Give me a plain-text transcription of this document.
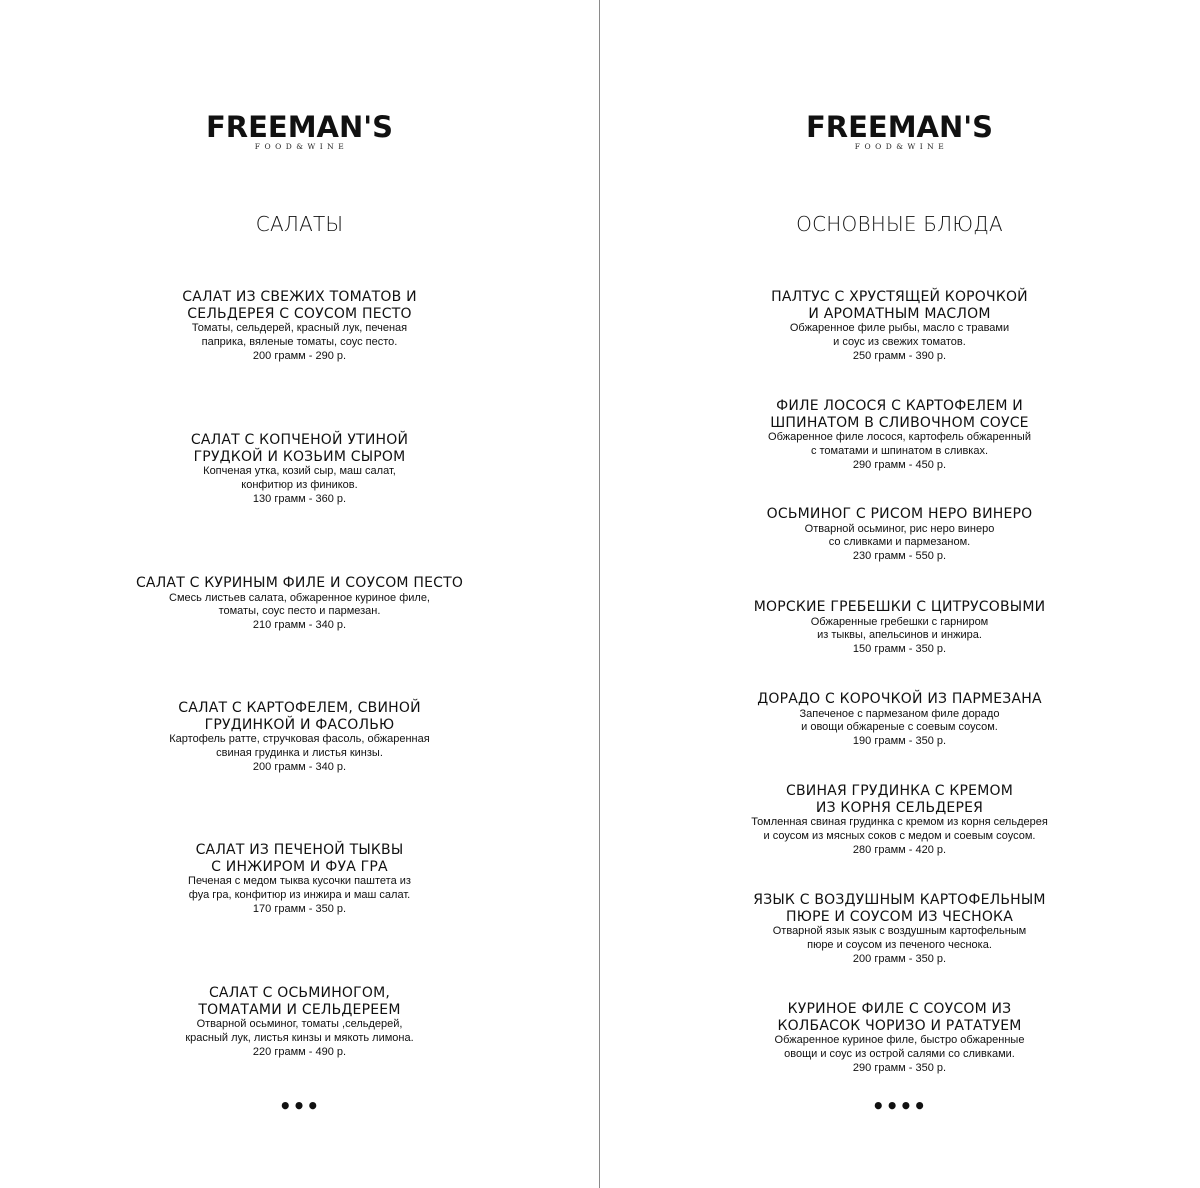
FREEMAN'S
FOOD&WINE
САЛАТЫ
САЛАТ ИЗ СВЕЖИХ ТОМАТОВ И
СЕЛЬДЕРЕЯ С СОУСОМ ПЕСТО
Томаты, сельдерей, красный лук, печеная
паприка, вяленые томаты, соус песто.
200 грамм - 290 р.
САЛАТ С КОПЧЕНОЙ УТИНОЙ
ГРУДКОЙ И КОЗЬИМ СЫРОМ
Копченая утка, козий сыр, маш салат,
конфитюр из фиников.
130 грамм - 360 р.
САЛАТ С КУРИНЫМ ФИЛЕ И СОУСОМ ПЕСТО
Смесь листьев салата, обжаренное куриное филе,
томаты, соус песто и пармезан.
210 грамм - 340 р.
САЛАТ С КАРТОФЕЛЕМ, СВИНОЙ
ГРУДИНКОЙ И ФАСОЛЬЮ
Картофель ратте, стручковая фасоль, обжаренная
свиная грудинка и листья кинзы.
200 грамм - 340 р.
САЛАТ ИЗ ПЕЧЕНОЙ ТЫКВЫ
С ИНЖИРОМ И ФУА ГРА
Печеная с медом тыква кусочки паштета из
фуа гра, конфитюр из инжира и маш салат.
170 грамм - 350 р.
САЛАТ С ОСЬМИНОГОМ,
ТОМАТАМИ И СЕЛЬДЕРЕЕМ
Отварной осьминог, томаты ,сельдерей,
красный лук, листья кинзы и мякоть лимона.
220 грамм - 490 р.
•••
FREEMAN'S
FOOD&WINE
ОСНОВНЫЕ БЛЮДА
ПАЛТУС С ХРУСТЯЩЕЙ КОРОЧКОЙ
И АРОМАТНЫМ МАСЛОМ
Обжаренное филе рыбы, масло с травами
и соус из свежих томатов.
250 грамм - 390 р.
ФИЛЕ ЛОСОСЯ С КАРТОФЕЛЕМ И
ШПИНАТОМ В СЛИВОЧНОМ СОУСЕ
Обжаренное филе лосося, картофель обжаренный
с томатами и шпинатом в сливках.
290 грамм - 450 р.
ОСЬМИНОГ С РИСОМ НЕРО ВИНЕРО
Отварной осьминог, рис неро винеро
со сливками и пармезаном.
230 грамм - 550 р.
МОРСКИЕ ГРЕБЕШКИ С ЦИТРУСОВЫМИ
Обжаренные гребешки с гарниром
из тыквы, апельсинов и инжира.
150 грамм - 350 р.
ДОРАДО С КОРОЧКОЙ ИЗ ПАРМЕЗАНА
Запеченое с пармезаном филе дорадо
и овощи обжареные с соевым соусом.
190 грамм - 350 р.
СВИНАЯ ГРУДИНКА С КРЕМОМ
ИЗ КОРНЯ СЕЛЬДЕРЕЯ
Томленная свиная грудинка с кремом из корня сельдерея
и соусом из мясных соков с медом и соевым соусом.
280 грамм - 420 р.
ЯЗЫК С ВОЗДУШНЫМ КАРТОФЕЛЬНЫМ
ПЮРЕ И СОУСОМ ИЗ ЧЕСНОКА
Отварной язык язык с воздушным картофельным
пюре и соусом из печеного чеснока.
200 грамм - 350 р.
КУРИНОЕ ФИЛЕ С СОУСОМ ИЗ
КОЛБАСОК ЧОРИЗО И РАТАТУЕМ
Обжаренное куриное филе, быстро обжаренные
овощи и соус из острой салями со сливками.
290 грамм - 350 р.
••••
